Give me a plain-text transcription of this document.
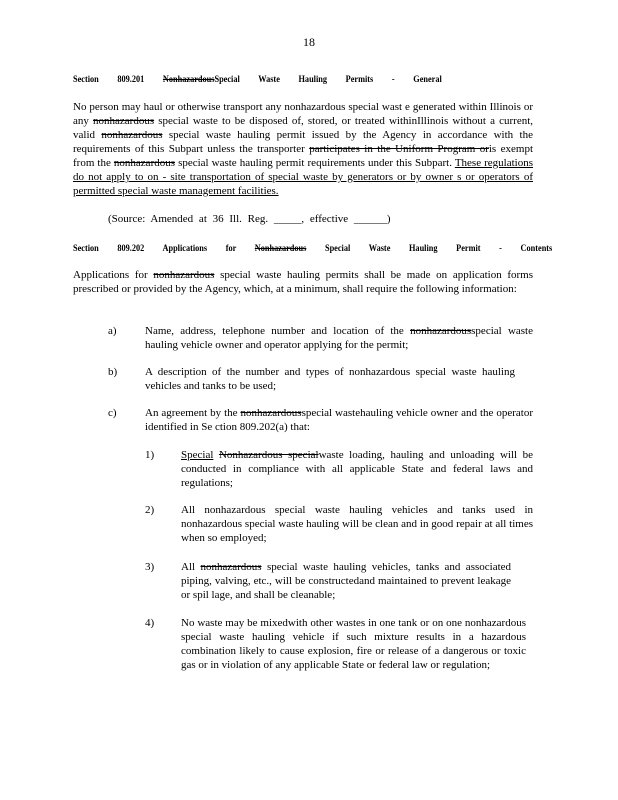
18
Section 809.201 NonhazardousSpecial Waste Hauling Permits - General
No person may haul or otherwise transport any nonhazardous special wast e generated within Illinois or any nonhazardous special waste to be disposed of, stored, or treated withinIllinois without a current, valid nonhazardous special waste hauling permit issued by the Agency in accordance with the requirements of this Subpart unless the transporter participates in the Uniform Program oris exempt from the nonhazardous special waste hauling permit requirements under this Subpart. These regulations do not apply to on - site transportation of special waste by generators or by owner s or operators of permitted special waste management facilities.
(Source: Amended at 36 Ill. Reg. _____, effective ______)
Section 809.202 Applications for Nonhazardous Special Waste Hauling Permit - Contents
Applications for nonhazardous special waste hauling permits shall be made on application forms prescribed or provided by the Agency, which, at a minimum, shall require the following information:
a)	Name, address, telephone number and location of the nonhazardousspecial waste hauling vehicle owner and operator applying for the permit;
b)	A description of the number and types of nonhazardous special waste hauling vehicles and tanks to be used;
c)	An agreement by the nonhazardousspecial wastehauling vehicle owner and the operator identified in Se ction 809.202(a) that:
1) Special Nonhazardous specialwaste loading, hauling and unloading will be conducted in compliance with all applicable State and federal laws and regulations;
2) All nonhazardous special waste hauling vehicles and tanks used in nonhazardous special waste hauling will be clean and in good repair at all times when so employed;
3) All nonhazardous special waste hauling vehicles, tanks and associated piping, valving, etc., will be constructedand maintained to prevent leakage or spil lage, and shall be cleanable;
4) No waste may be mixedwith other wastes in one tank or on one nonhazardous special waste hauling vehicle if such mixture results in a hazardous combination likely to cause explosion, fire or release of a dangerous or toxic gas or in violation of any applicable State or federal law or regulation;
